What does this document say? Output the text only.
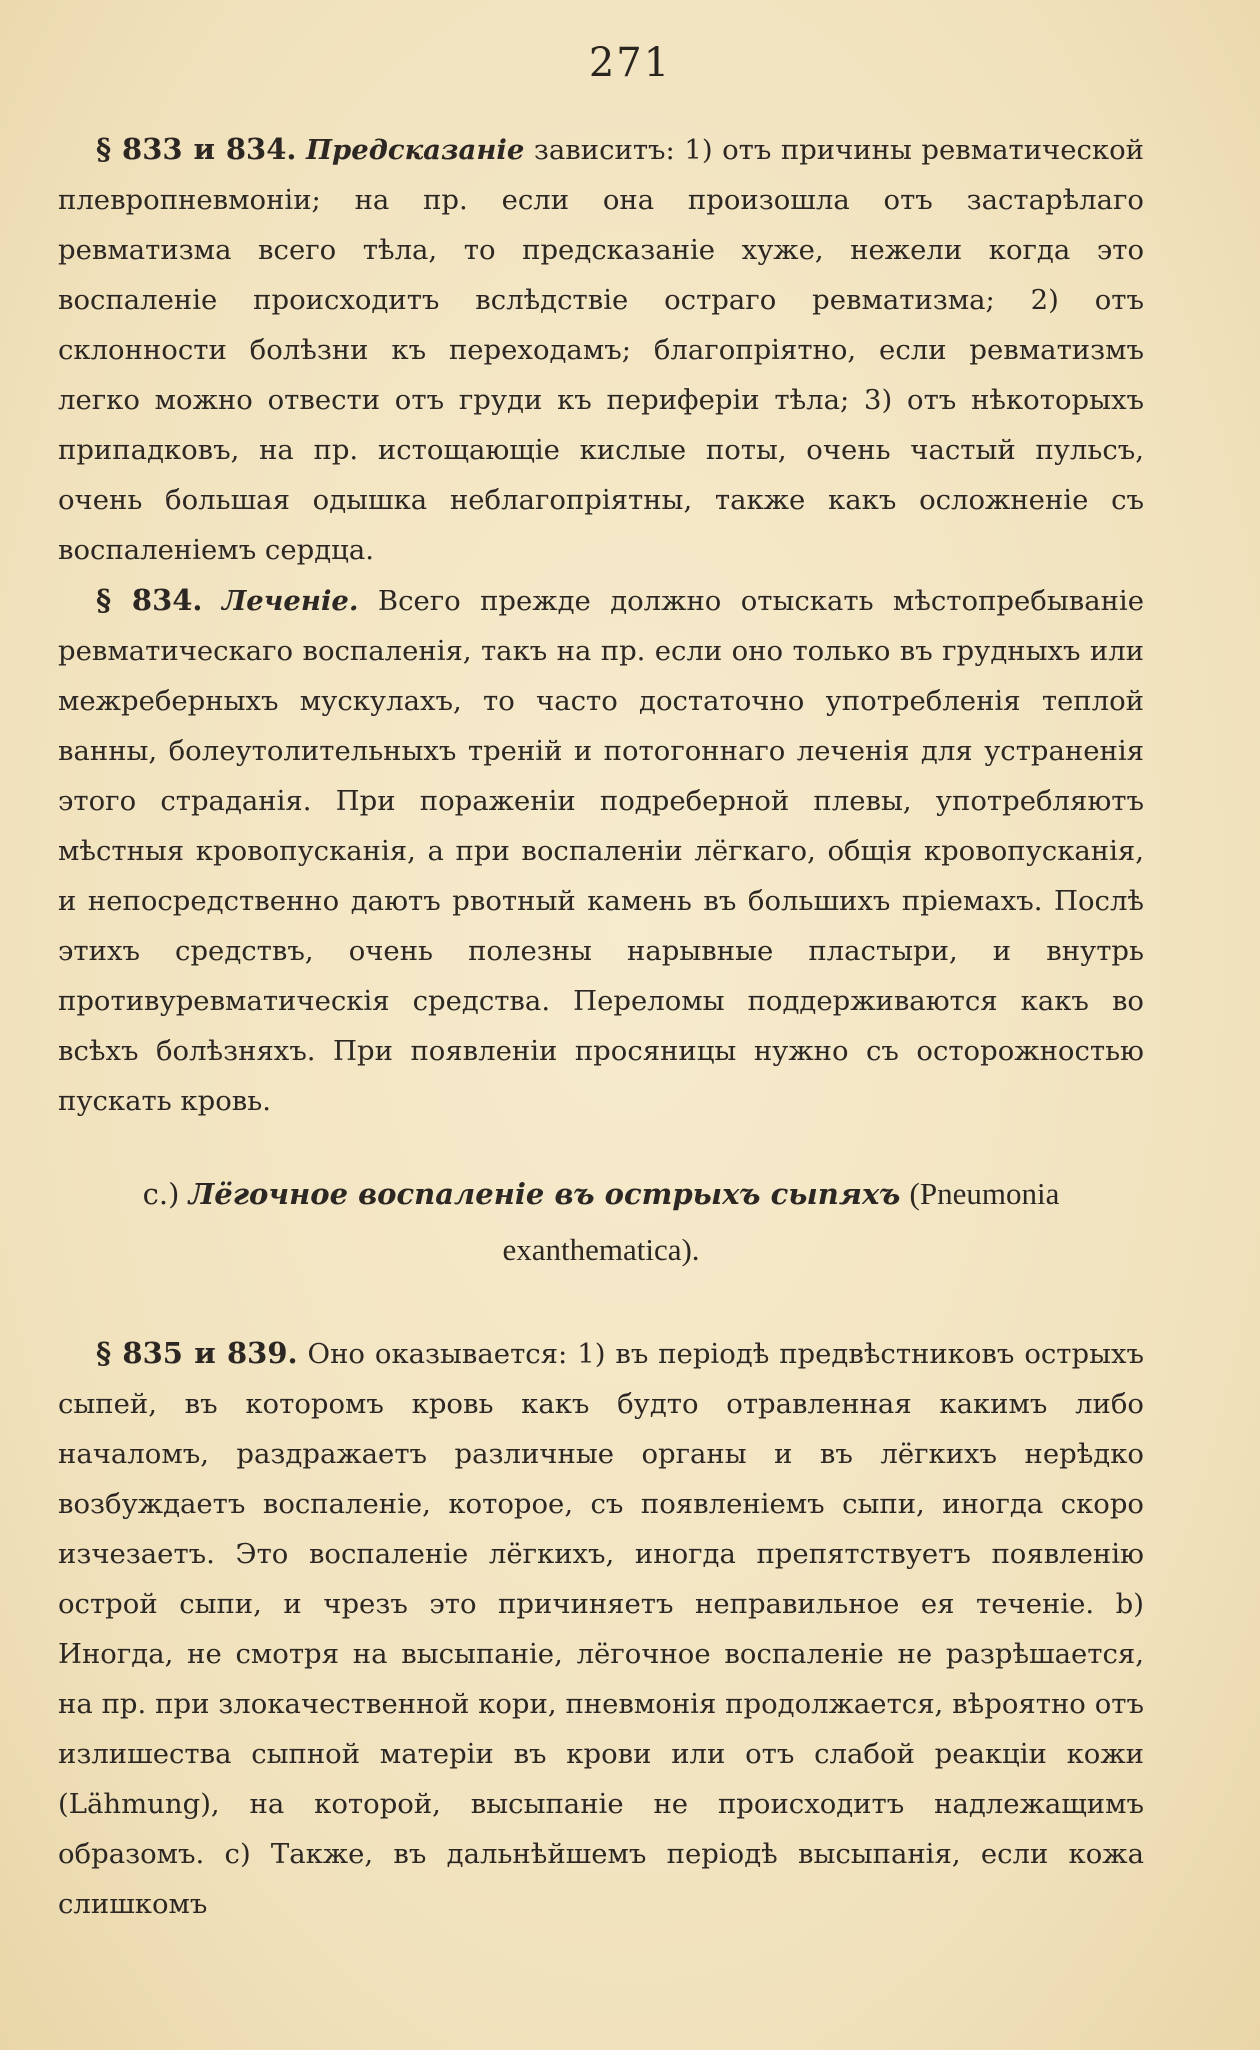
271

§ 833 и 834. Предсказаніе зависитъ: 1) отъ причины ревматической плевропневмоніи; на пр. если она произошла отъ застарѣлаго ревматизма всего тѣла, то предсказаніе хуже, нежели когда это воспаленіе происходитъ вслѣдствіе остраго ревматизма; 2) отъ склонности болѣзни къ переходамъ; благопріятно, если ревматизмъ легко можно отвести отъ груди къ периферіи тѣла; 3) отъ нѣкоторыхъ припадковъ, на пр. истощающіе кислые поты, очень частый пульсъ, очень большая одышка неблагопріятны, также какъ осложненіе съ воспаленіемъ сердца.

§ 834. Леченіе. Всего прежде должно отыскать мѣстопребываніе ревматическаго воспаленія, такъ на пр. если оно только въ грудныхъ или межреберныхъ мускулахъ, то часто достаточно употребленія теплой ванны, болеутолительныхъ треній и потогоннаго леченія для устраненія этого страданія. При пораженіи подреберной плевы, употребляютъ мѣстныя кровопусканія, а при воспаленіи лёгкаго, общія кровопусканія, и непосредственно даютъ рвотный камень въ большихъ пріемахъ. Послѣ этихъ средствъ, очень полезны нарывные пластыри, и внутрь противуревматическія средства. Переломы поддерживаются какъ во всѣхъ болѣзняхъ. При появленіи просяницы нужно съ осторожностью пускать кровь.

c.) Лёгочное воспаленіе въ острыхъ сыпяхъ (Pneumonia
exanthematica).

§ 835 и 839. Оно оказывается: 1) въ періодѣ предвѣстниковъ острыхъ сыпей, въ которомъ кровь какъ будто отравленная какимъ либо началомъ, раздражаетъ различные органы и въ лёгкихъ нерѣдко возбуждаетъ воспаленіе, которое, съ появленіемъ сыпи, иногда скоро изчезаетъ. Это воспаленіе лёгкихъ, иногда препятствуетъ появленію острой сыпи, и чрезъ это причиняетъ неправильное ея теченіе. b) Иногда, не смотря на высыпаніе, лёгочное воспаленіе не разрѣшается, на пр. при злокачественной кори, пневмонія продолжается, вѣроятно отъ излишества сыпной матеріи въ крови или отъ слабой реакціи кожи (Lähmung), на которой, высыпаніе не происходитъ надлежащимъ образомъ. c) Также, въ дальнѣйшемъ періодѣ высыпанія, если кожа слишкомъ
